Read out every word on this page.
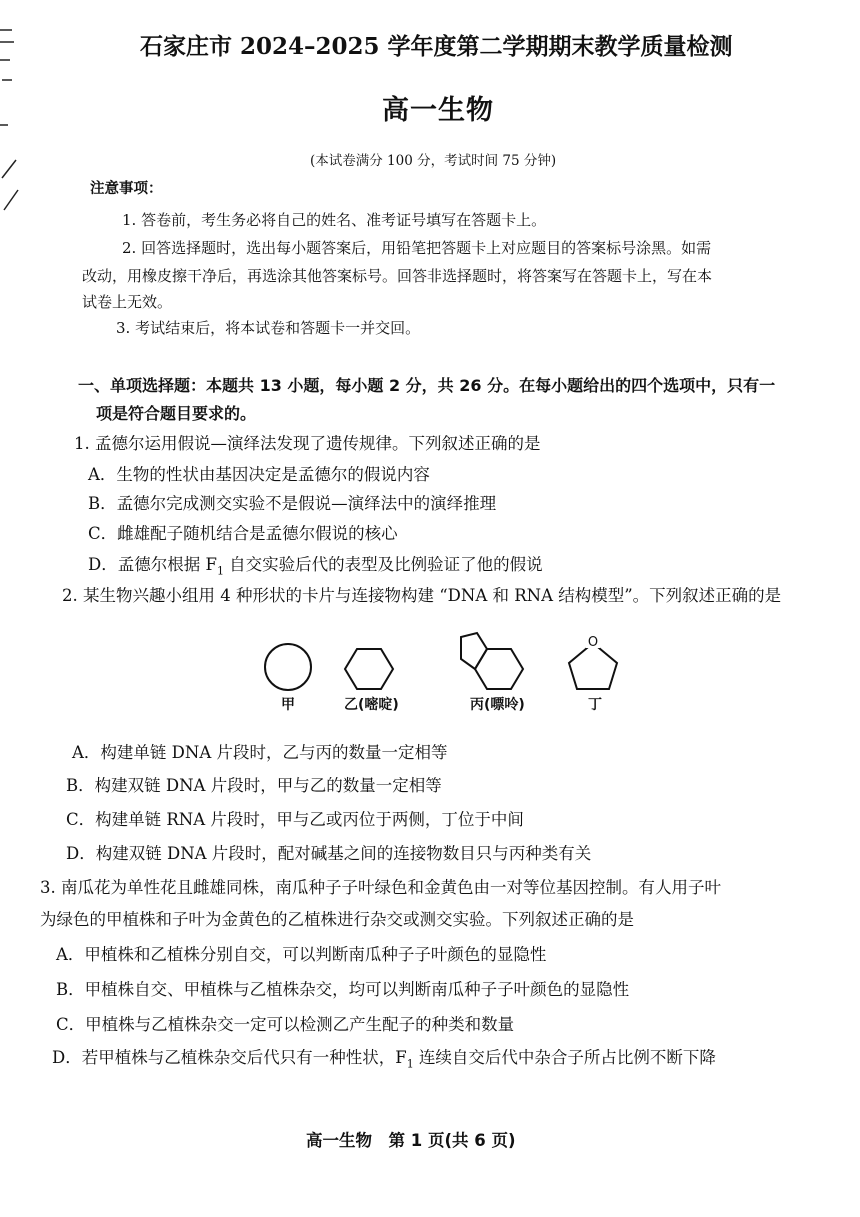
石家庄市 2024–2025 学年度第二学期期末教学质量检测
高一生物
(本试卷满分 100 分，考试时间 75 分钟)
注意事项：
1. 答卷前，考生务必将自己的姓名、准考证号填写在答题卡上。
2. 回答选择题时，选出每小题答案后，用铅笔把答题卡上对应题目的答案标号涂黑。如需
改动，用橡皮擦干净后，再选涂其他答案标号。回答非选择题时，将答案写在答题卡上，写在本
试卷上无效。
3. 考试结束后，将本试卷和答题卡一并交回。
一、单项选择题：本题共 13 小题，每小题 2 分，共 26 分。在每小题给出的四个选项中，只有一
项是符合题目要求的。
1. 孟德尔运用假说—演绎法发现了遗传规律。下列叙述正确的是
A．生物的性状由基因决定是孟德尔的假说内容
B．孟德尔完成测交实验不是假说—演绎法中的演绎推理
C．雌雄配子随机结合是孟德尔假说的核心
D．孟德尔根据 $F_1$ 自交实验后代的表型及比例验证了他的假说
2. 某生物兴趣小组用 4 种形状的卡片与连接物构建 “DNA 和 RNA 结构模型”。下列叙述正确的是
O
甲	乙(嘧啶)	丙(嘌呤)	丁
A．构建单链 DNA 片段时，乙与丙的数量一定相等
B．构建双链 DNA 片段时，甲与乙的数量一定相等
C．构建单链 RNA 片段时，甲与乙或丙位于两侧，丁位于中间
D．构建双链 DNA 片段时，配对碱基之间的连接物数目只与丙种类有关
3. 南瓜花为单性花且雌雄同株，南瓜种子子叶绿色和金黄色由一对等位基因控制。有人用子叶
为绿色的甲植株和子叶为金黄色的乙植株进行杂交或测交实验。下列叙述正确的是
A．甲植株和乙植株分别自交，可以判断南瓜种子子叶颜色的显隐性
B．甲植株自交、甲植株与乙植株杂交，均可以判断南瓜种子子叶颜色的显隐性
C．甲植株与乙植株杂交一定可以检测乙产生配子的种类和数量
D．若甲植株与乙植株杂交后代只有一种性状，$F_1$ 连续自交后代中杂合子所占比例不断下降
高一生物　第 1 页(共 6 页)
